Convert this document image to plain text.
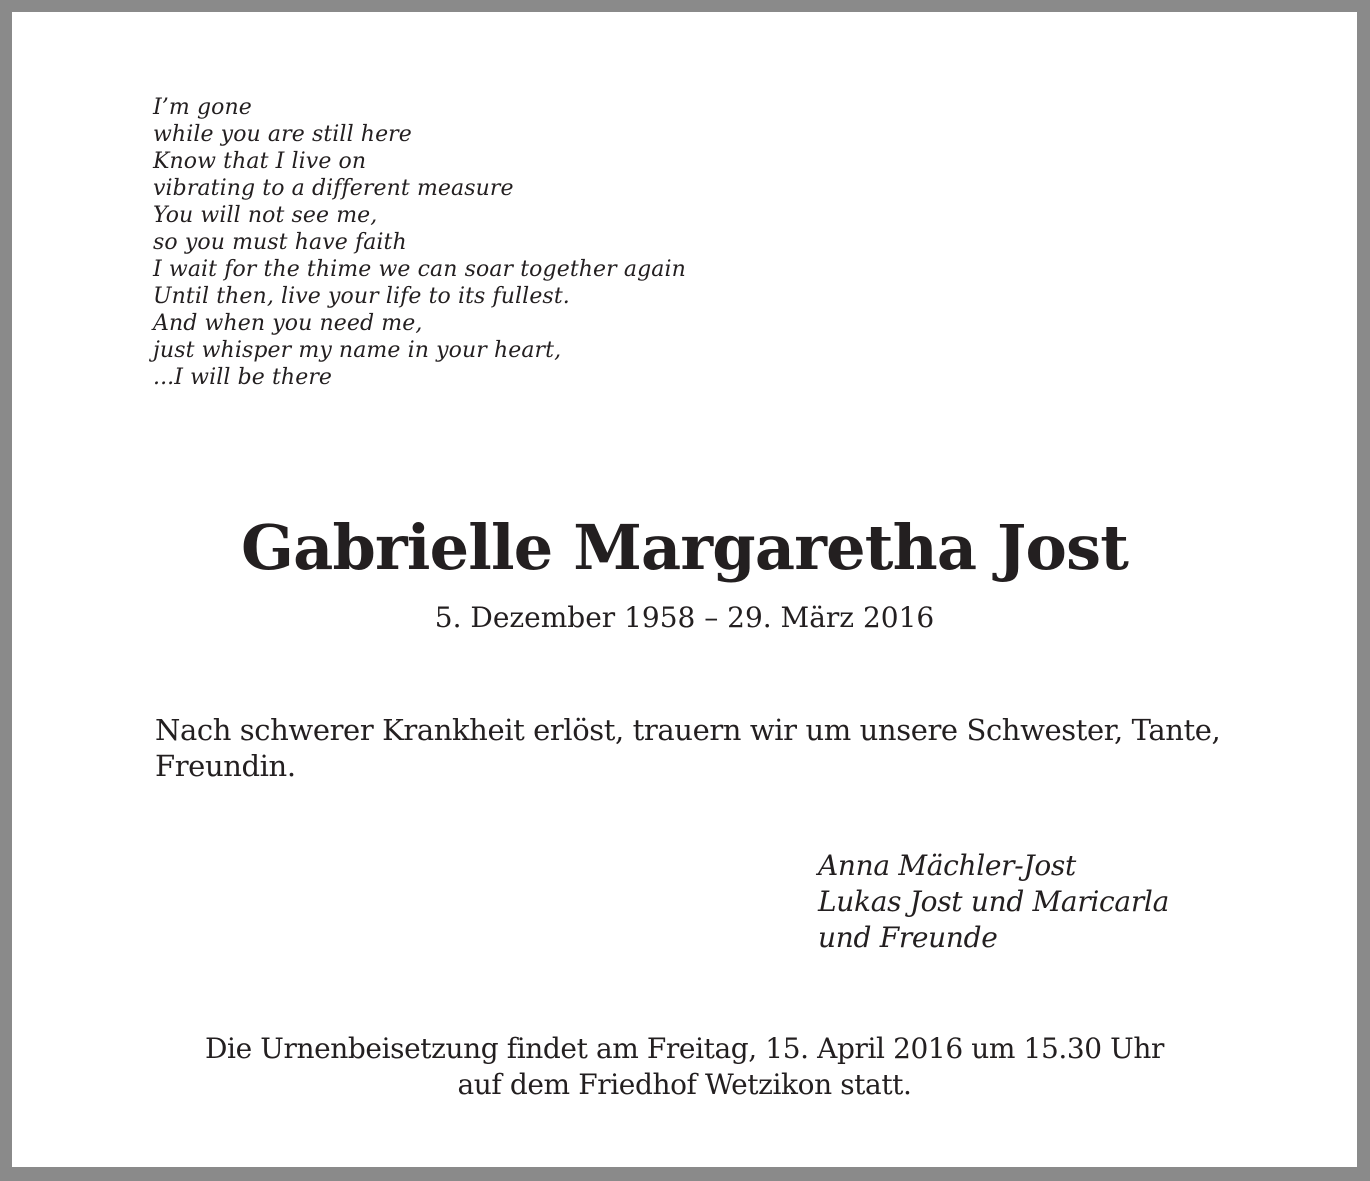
I’m gone
while you are still here
Know that I live on
vibrating to a different measure
You will not see me,
so you must have faith
I wait for the thime we can soar together again
Until then, live your life to its fullest.
And when you need me,
just whisper my name in your heart,
...I will be there
Gabrielle Margaretha Jost
5. Dezember 1958 – 29. März 2016
Nach schwerer Krankheit erlöst, trauern wir um unsere Schwester, Tante, Freundin.
Anna Mächler-Jost
Lukas Jost und Maricarla
und Freunde
Die Urnenbeisetzung findet am Freitag, 15. April 2016 um 15.30 Uhr
auf dem Friedhof Wetzikon statt.
